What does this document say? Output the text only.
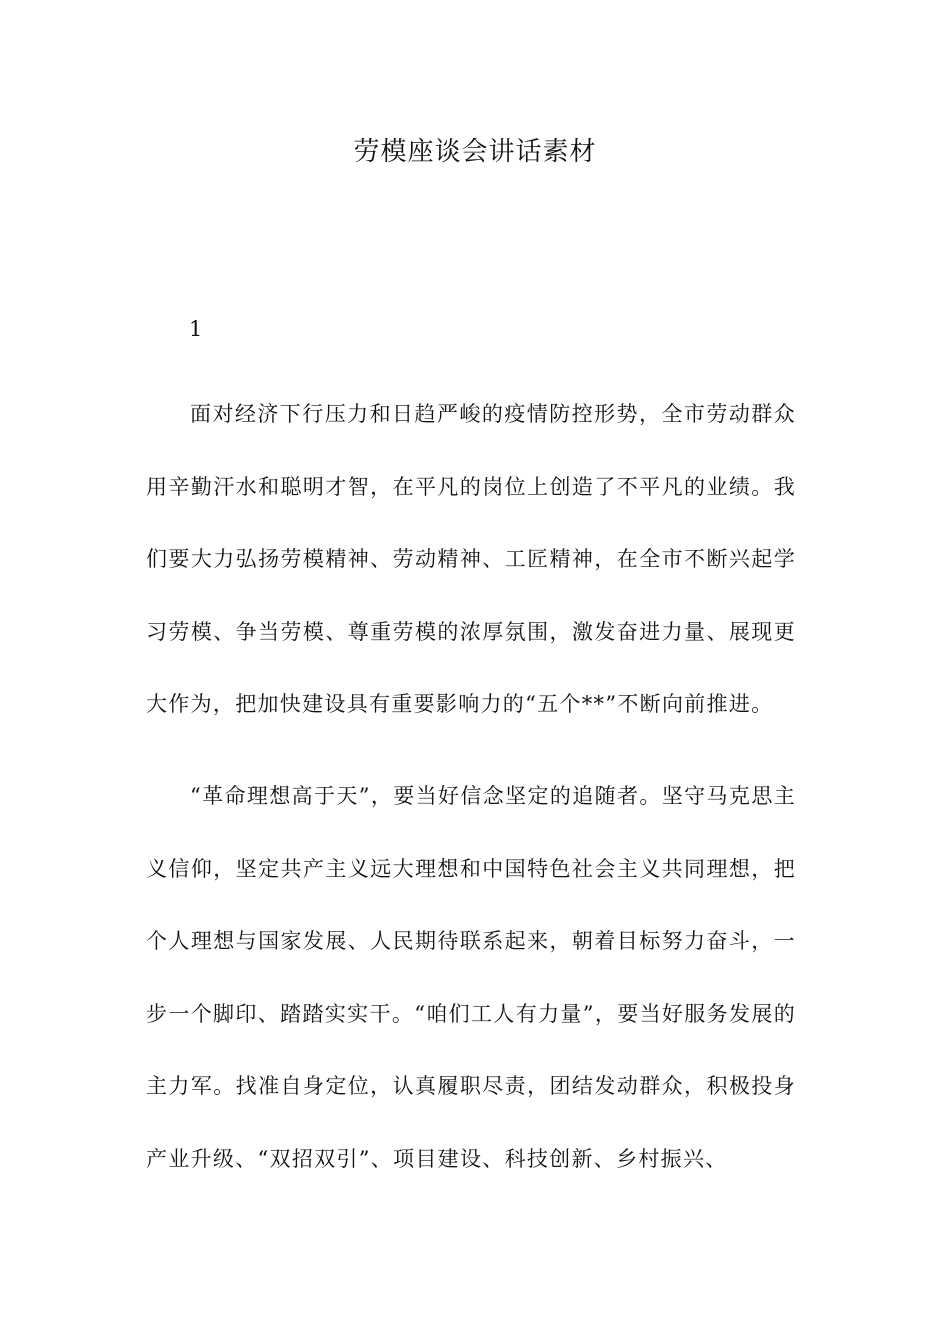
劳模座谈会讲话素材
1

面对经济下行压力和日趋严峻的疫情防控形势，全市劳动群众用辛勤汗水和聪明才智，在平凡的岗位上创造了不平凡的业绩。我们要大力弘扬劳模精神、劳动精神、工匠精神，在全市不断兴起学习劳模、争当劳模、尊重劳模的浓厚氛围，激发奋进力量、展现更大作为，把加快建设具有重要影响力的“五个**”不断向前推进。

“革命理想高于天”，要当好信念坚定的追随者。坚守马克思主义信仰，坚定共产主义远大理想和中国特色社会主义共同理想，把个人理想与国家发展、人民期待联系起来，朝着目标努力奋斗，一步一个脚印、踏踏实实干。“咱们工人有力量”，要当好服务发展的主力军。找准自身定位，认真履职尽责，团结发动群众，积极投身产业升级、“双招双引”、项目建设、科技创新、乡村振兴、
